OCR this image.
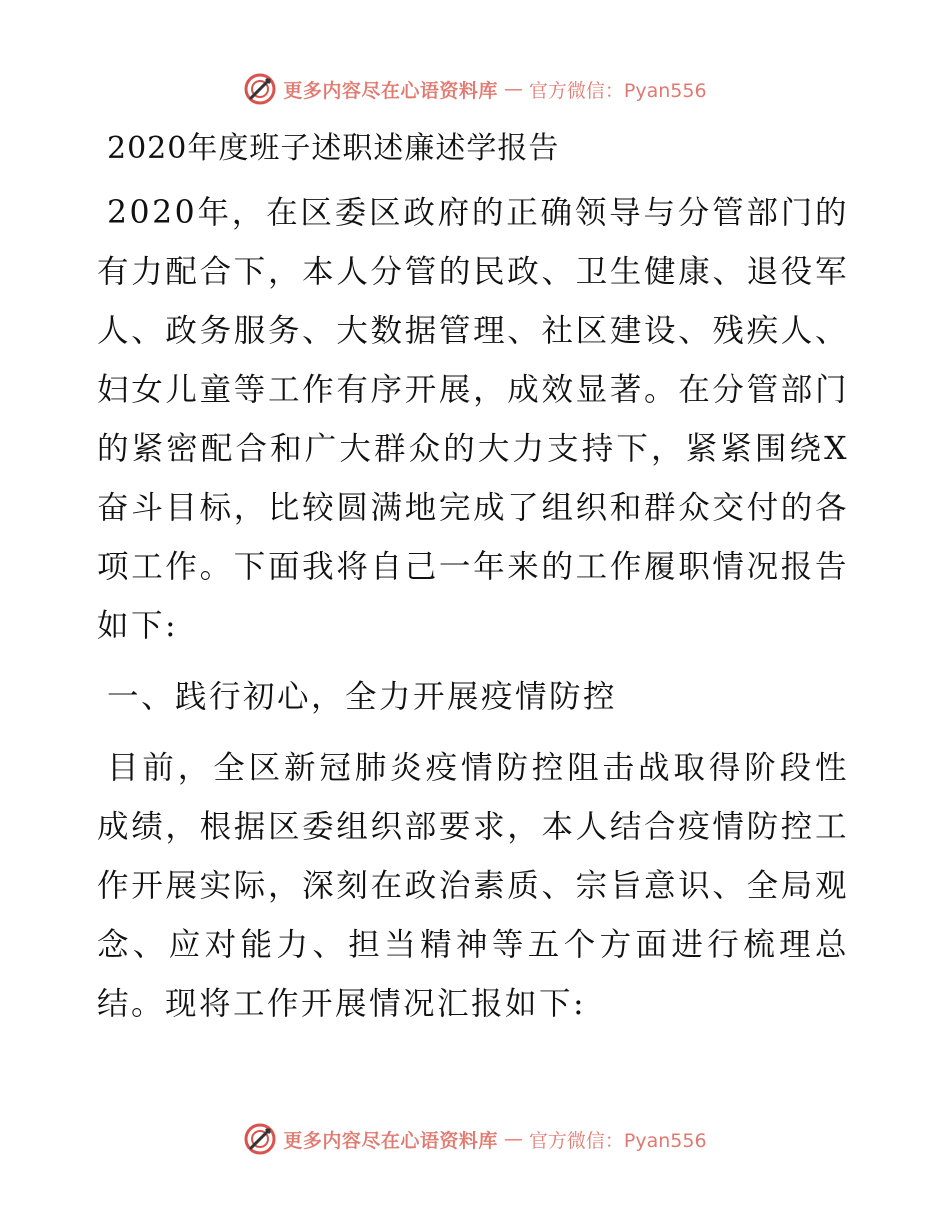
更多内容尽在心语资料库 — 官方微信：Pyan556
2020年度班子述职述廉述学报告

2020年，在区委区政府的正确领导与分管部门的有力配合下，本人分管的民政、卫生健康、退役军人、政务服务、大数据管理、社区建设、残疾人、妇女儿童等工作有序开展，成效显著。在分管部门的紧密配合和广大群众的大力支持下，紧紧围绕X奋斗目标，比较圆满地完成了组织和群众交付的各项工作。下面我将自己一年来的工作履职情况报告如下:

一、践行初心，全力开展疫情防控

目前，全区新冠肺炎疫情防控阻击战取得阶段性成绩，根据区委组织部要求，本人结合疫情防控工作开展实际，深刻在政治素质、宗旨意识、全局观念、应对能力、担当精神等五个方面进行梳理总结。现将工作开展情况汇报如下:

更多内容尽在心语资料库 — 官方微信：Pyan556
